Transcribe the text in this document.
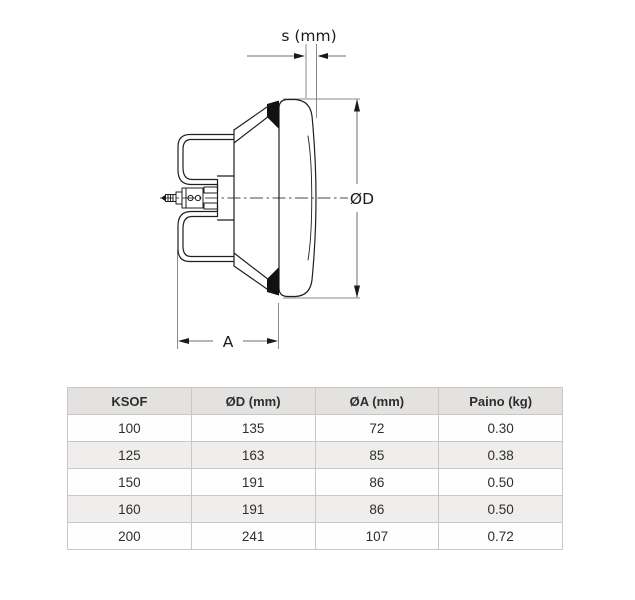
s (mm)
ØD
A
KSOF	ØD (mm)	ØA (mm)	Paino (kg)
100	135	72	0.30
125	163	85	0.38
150	191	86	0.50
160	191	86	0.50
200	241	107	0.72
